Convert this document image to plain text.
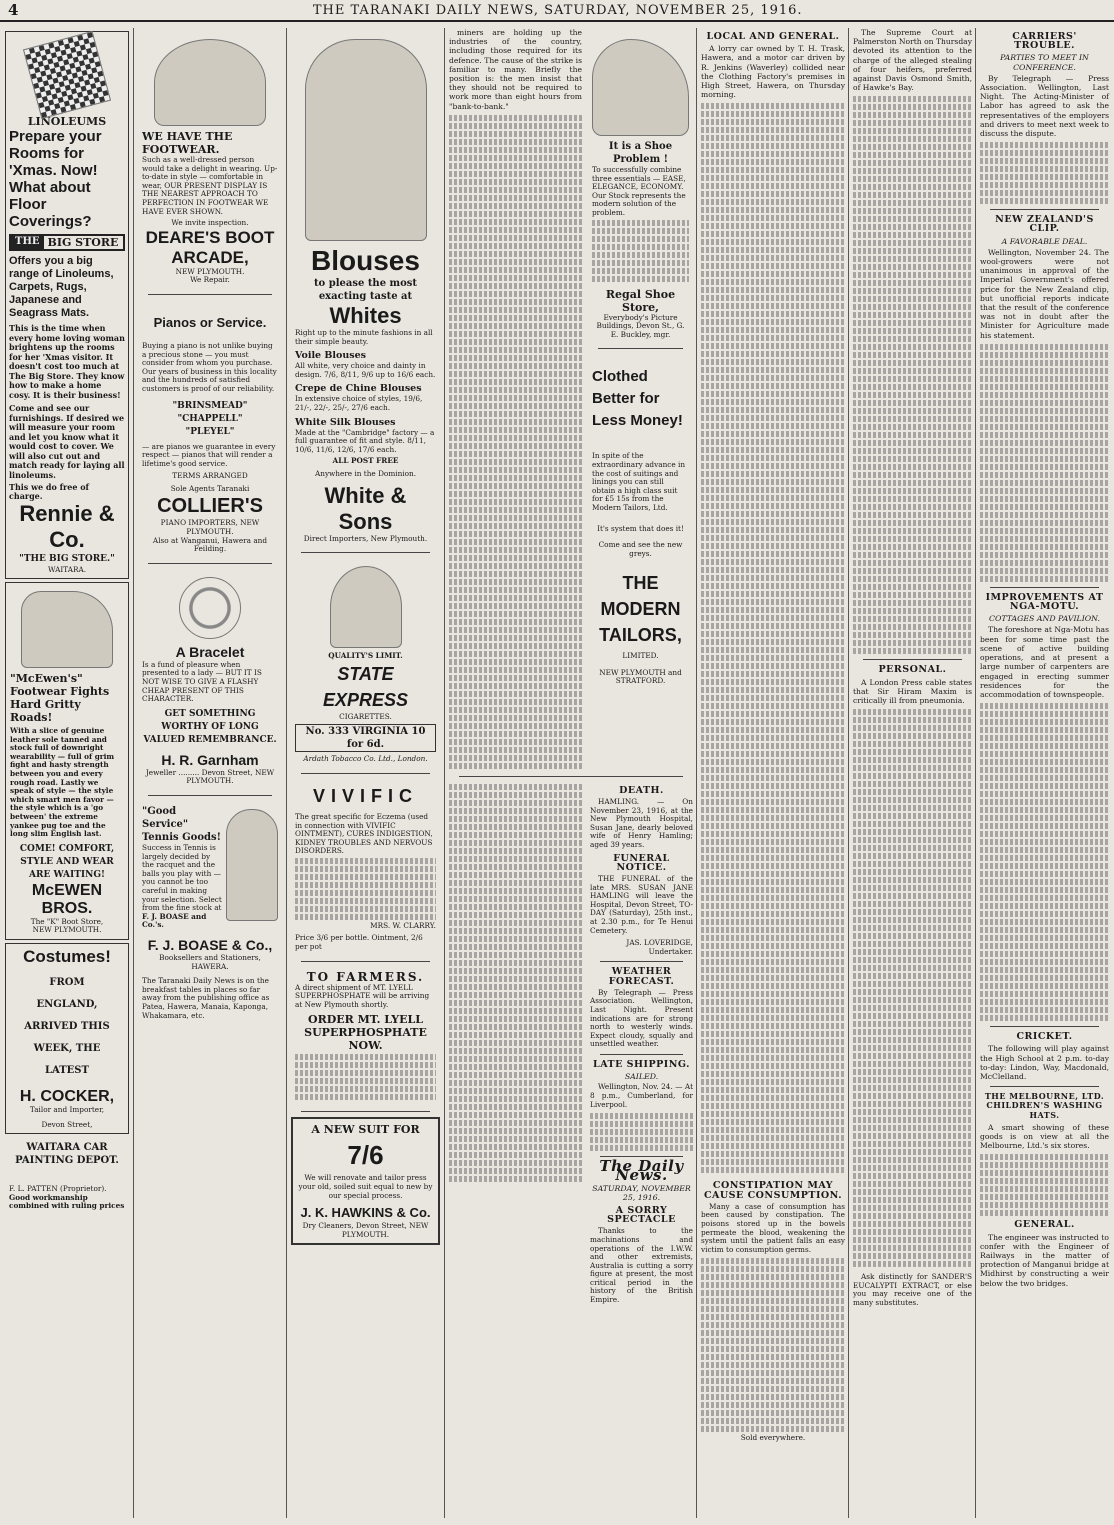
4	THE TARANAKI DAILY NEWS, SATURDAY, NOVEMBER 25, 1916.
LINOLEUMS
Prepare your Rooms for 'Xmas. Now! What about Floor Coverings?
THE BIG STORE
Offers you a big range of Linoleums, Carpets, Rugs, Japanese and Seagrass Mats.
This is the time when every home loving woman brightens up the rooms for her 'Xmas visitor. It doesn't cost too much at The Big Store. They know how to make a home cosy. It is their business!
Come and see our furnishings. If desired we will measure your room and let you know what it would cost to cover. We will also cut out and match ready for laying all linoleums.
This we do free of charge.
Rennie & Co.
"THE BIG STORE."
WAITARA.
"McEwen's" Footwear Fights Hard Gritty Roads!
With a slice of genuine leather sole tanned and stock full of downright wearability — full of grim fight and hasty strength between you and every rough road. Lastly we speak of style — the style which smart men favor — the style which is a 'go between' the extreme yankee pug toe and the long slim English last.
COME! COMFORT, STYLE AND WEAR ARE WAITING!
McEWEN BROS.
The "K" Boot Store,
NEW PLYMOUTH.
Costumes!
FROM ENGLAND, ARRIVED THIS WEEK, THE LATEST
H. COCKER,
Tailor and Importer,
Devon Street,
WAITARA CAR PAINTING DEPOT.
F. L. PATTEN (Proprietor).
Good workmanship combined with ruling prices
WE HAVE THE FOOTWEAR.
Such as a well-dressed person would take a delight in wearing. Up-to-date in style — comfortable in wear, OUR PRESENT DISPLAY IS THE NEAREST APPROACH TO PERFECTION IN FOOTWEAR WE HAVE EVER SHOWN.
We invite inspection.
DEARE'S BOOT ARCADE,
NEW PLYMOUTH.
We Repair.
Pianos or Service.
Buying a piano is not unlike buying a precious stone — you must consider from whom you purchase. Our years of business in this locality and the hundreds of satisfied customers is proof of our reliability.
"BRINSMEAD"
"CHAPPELL"
"PLEYEL"
— are pianos we guarantee in every respect — pianos that will render a lifetime's good service.
TERMS ARRANGED
Sole Agents Taranaki
COLLIER'S
PIANO IMPORTERS, NEW PLYMOUTH.
Also at Wanganui, Hawera and Feilding.
A Bracelet
Is a fund of pleasure when presented to a lady — BUT IT IS NOT WISE TO GIVE A FLASHY CHEAP PRESENT OF THIS CHARACTER.
GET SOMETHING WORTHY OF LONG VALUED REMEMBRANCE.
H. R. Garnham
Jeweller ......... Devon Street, NEW PLYMOUTH.
"Good Service" Tennis Goods!
Success in Tennis is largely decided by the racquet and the balls you play with — you cannot be too careful in making your selection. Select from the fine stock at
F. J. BOASE and Co.'s.
F. J. BOASE & Co.,
Booksellers and Stationers, HAWERA.
The Taranaki Daily News is on the breakfast tables in places so far away from the publishing office as Patea, Hawera, Manaia, Kaponga, Whakamara, etc.
Blouses
to please the most exacting taste at
Whites
Right up to the minute fashions in all their simple beauty.
Voile Blouses
All white, very choice and dainty in design. 7/6, 8/11, 9/6 up to 16/6 each.
Crepe de Chine Blouses
In extensive choice of styles, 19/6, 21/-, 22/-, 25/-, 27/6 each.
White Silk Blouses
Made at the "Cambridge" factory — a full guarantee of fit and style. 8/11, 10/6, 11/6, 12/6, 17/6 each.
ALL POST FREE
Anywhere in the Dominion.
White & Sons
Direct Importers, New Plymouth.
QUALITY'S LIMIT.
STATE EXPRESS
CIGARETTES.
No. 333 VIRGINIA 10 for 6d.
Ardath Tobacco Co. Ltd., London.
VIVIFIC
The great specific for Eczema (used in connection with VIVIFIC OINTMENT), CURES INDIGESTION, KIDNEY TROUBLES AND NERVOUS DISORDERS.
MRS. W. CLARRY.
Price 3/6 per bottle. Ointment, 2/6 per pot
TO FARMERS.
A direct shipment of MT. LYELL SUPERPHOSPHATE will be arriving at New Plymouth shortly.
ORDER MT. LYELL SUPERPHOSPHATE NOW.
A NEW SUIT FOR
7/6
We will renovate and tailor press your old, soiled suit equal to new by our special process.
J. K. HAWKINS & Co.
Dry Cleaners, Devon Street, NEW PLYMOUTH.

miners are holding up the industries of the country, including those required for its defence. The cause of the strike is familiar to many. Briefly the position is: the men insist that they should not be required to work more than eight hours from "bank-to-bank."

It is a Shoe Problem !
To successfully combine three essentials — EASE, ELEGANCE, ECONOMY. Our Stock represents the modern solution of the problem.
Regal Shoe Store,
Everybody's Picture Buildings, Devon St., G. E. Buckley, mgr.
Clothed Better for Less Money!
In spite of the extraordinary advance in the cost of suitings and linings you can still obtain a high class suit for £5 15s from the Modern Tailors, Ltd.
It's system that does it!
Come and see the new greys.
THE MODERN TAILORS,
LIMITED.
NEW PLYMOUTH and STRATFORD.
DEATH.

HAMLING. — On November 23, 1916, at the New Plymouth Hospital, Susan Jane, dearly beloved wife of Henry Hamling; aged 39 years.

FUNERAL NOTICE.

THE FUNERAL of the late MRS. SUSAN JANE HAMLING will leave the Hospital, Devon Street, TO-DAY (Saturday), 25th inst., at 2.30 p.m., for Te Henui Cemetery.

JAS. LOVERIDGE, Undertaker.
WEATHER FORECAST.

By Telegraph — Press Association. Wellington, Last Night. Present indications are for strong north to westerly winds. Expect cloudy, squally and unsettled weather.

LATE SHIPPING.
SAILED.

Wellington, Nov. 24. — At 8 p.m., Cumberland, for Liverpool.

The Daily News.
SATURDAY, NOVEMBER 25, 1916.
A SORRY SPECTACLE

Thanks to the machinations and operations of the I.W.W. and other extremists, Australia is cutting a sorry figure at present, the most critical period in the history of the British Empire.

LOCAL AND GENERAL.

A lorry car owned by T. H. Trask, Hawera, and a motor car driven by R. Jenkins (Waverley) collided near the Clothing Factory's premises in High Street, Hawera, on Thursday morning.

CONSTIPATION MAY CAUSE CONSUMPTION.

Many a case of consumption has been caused by constipation. The poisons stored up in the bowels permeate the blood, weakening the system until the patient falls an easy victim to consumption germs.

Sold everywhere.

The Supreme Court at Palmerston North on Thursday devoted its attention to the charge of the alleged stealing of four heifers, preferred against Davis Osmond Smith, of Hawke's Bay.

PERSONAL.

A London Press cable states that Sir Hiram Maxim is critically ill from pneumonia.

Ask distinctly for SANDER'S EUCALYPTI EXTRACT, or else you may receive one of the many substitutes.

CARRIERS' TROUBLE.
PARTIES TO MEET IN CONFERENCE.

By Telegraph — Press Association. Wellington, Last Night. The Acting-Minister of Labor has agreed to ask the representatives of the employers and drivers to meet next week to discuss the dispute.

NEW ZEALAND'S CLIP.
A FAVORABLE DEAL.

Wellington, November 24. The wool-growers were not unanimous in approval of the Imperial Government's offered price for the New Zealand clip, but unofficial reports indicate that the result of the conference was not in doubt after the Minister for Agriculture made his statement.

IMPROVEMENTS AT NGA-MOTU.
COTTAGES AND PAVILION.

The foreshore at Nga-Motu has been for some time past the scene of active building operations, and at present a large number of carpenters are engaged in erecting summer residences for the accommodation of townspeople.

CRICKET.

The following will play against the High School at 2 p.m. to-day to-day: Lindon, Way, Macdonald, McClelland.

THE MELBOURNE, LTD. CHILDREN'S WASHING HATS.

A smart showing of these goods is on view at all the Melbourne, Ltd.'s six stores.

GENERAL.

The engineer was instructed to confer with the Engineer of Railways in the matter of protection of Manganui bridge at Midhirst by constructing a weir below the two bridges.
